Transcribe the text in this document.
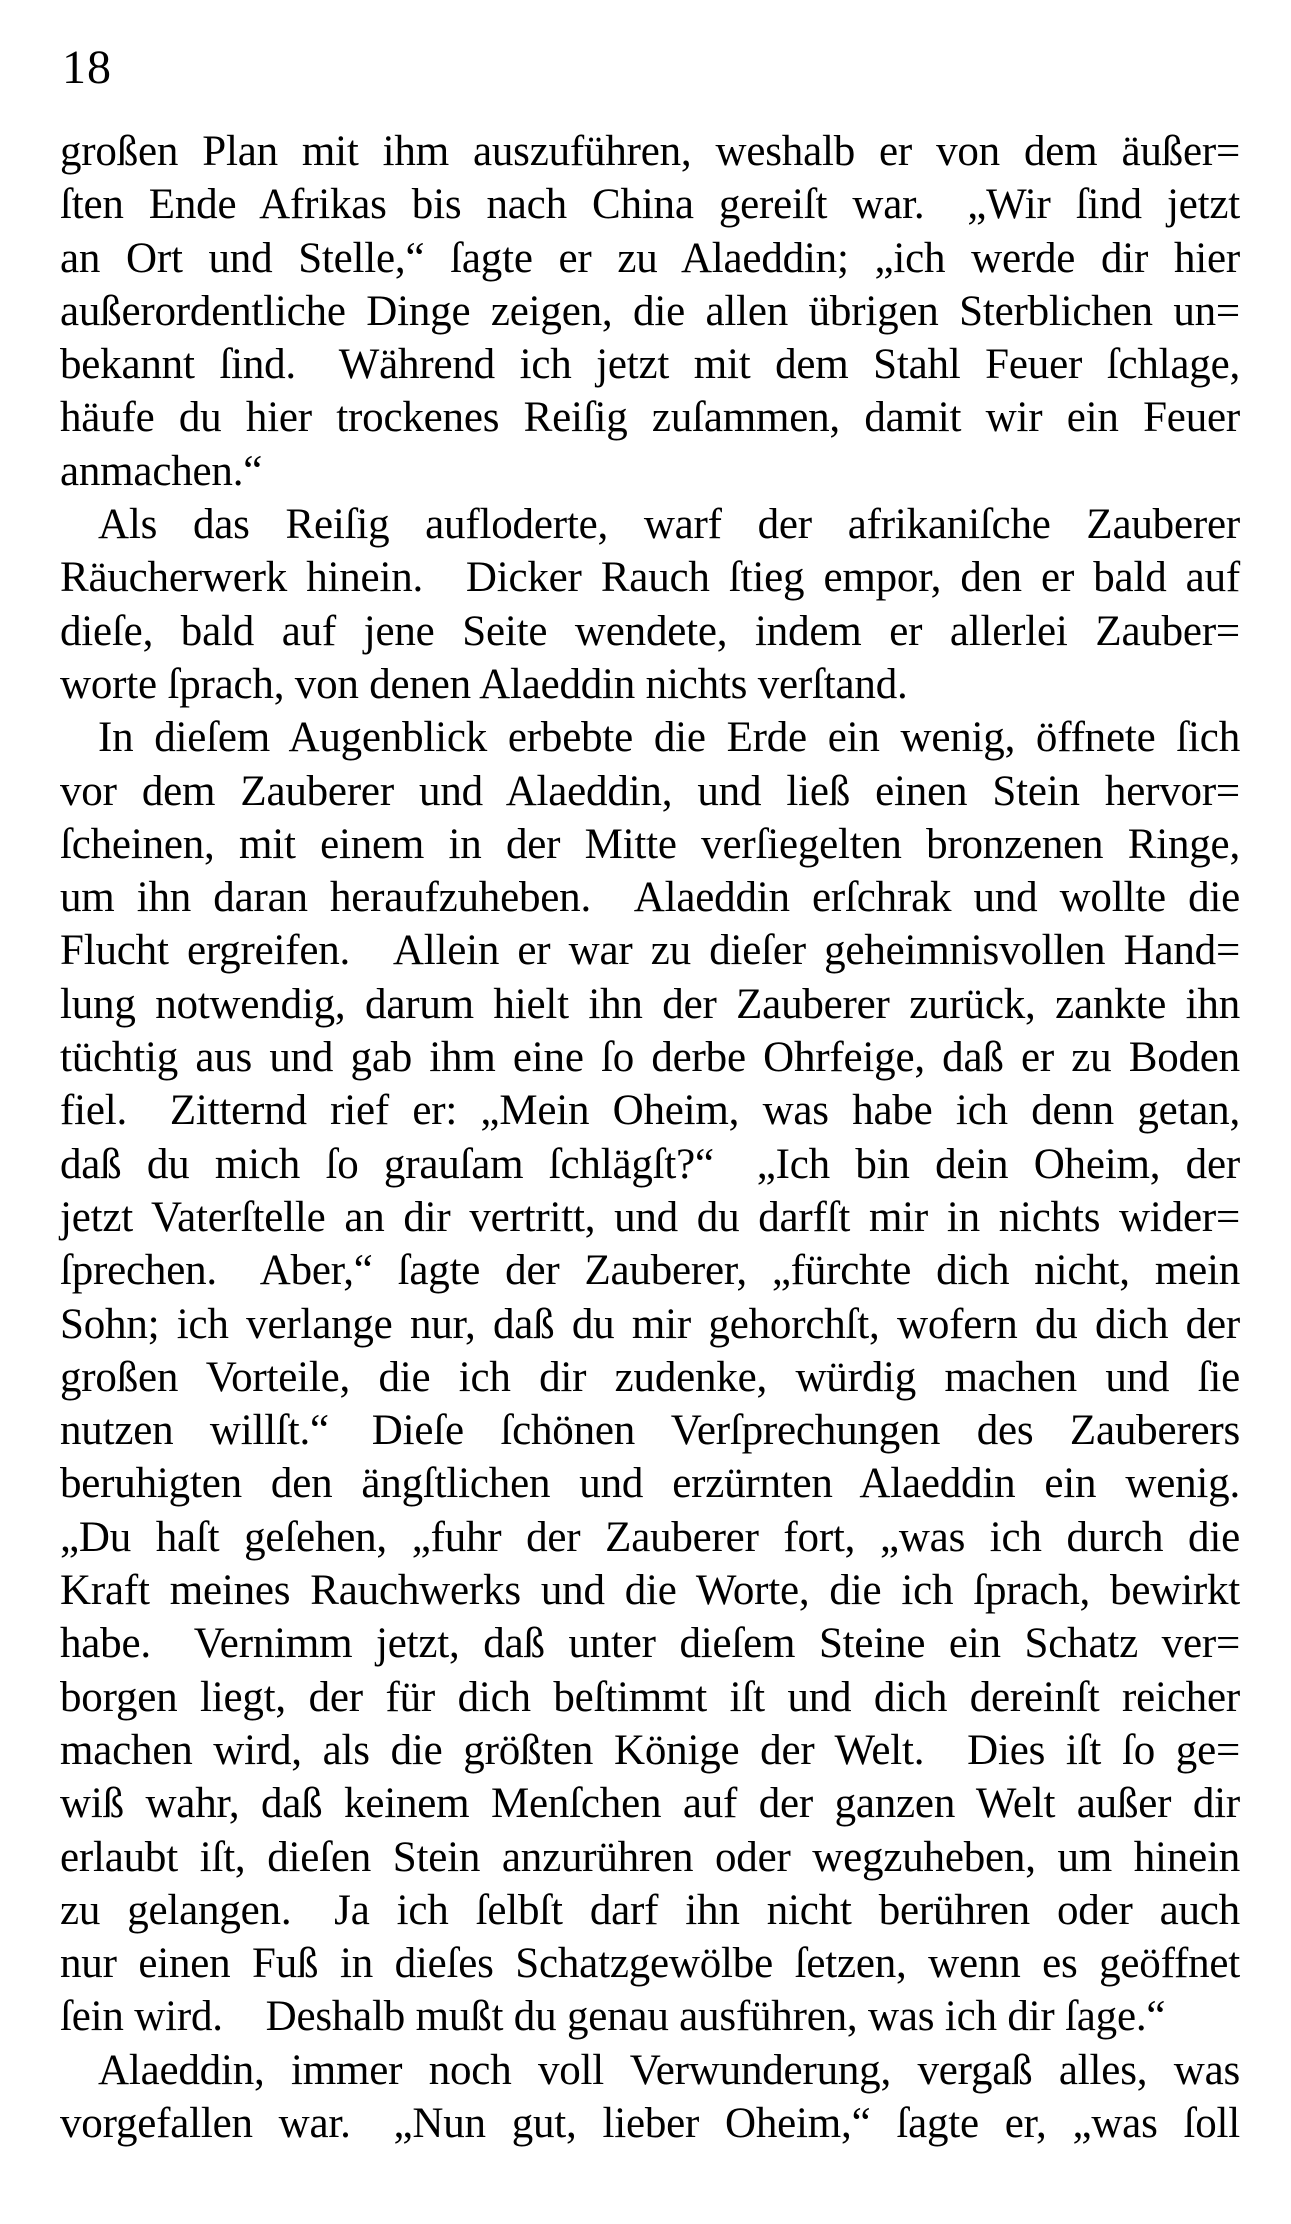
18
großen Plan mit ihm auszuführen, weshalb er von dem äußer=
ſten Ende Afrikas bis nach China gereiſt war. „Wir ſind jetzt
an Ort und Stelle,“ ſagte er zu Alaeddin; „ich werde dir hier
außerordentliche Dinge zeigen, die allen übrigen Sterblichen un=
bekannt ſind. Während ich jetzt mit dem Stahl Feuer ſchlage,
häufe du hier trockenes Reiſig zuſammen, damit wir ein Feuer
anmachen.“
Als das Reiſig aufloderte, warf der afrikaniſche Zauberer
Räucherwerk hinein. Dicker Rauch ſtieg empor, den er bald auf
dieſe, bald auf jene Seite wendete, indem er allerlei Zauber=
worte ſprach, von denen Alaeddin nichts verſtand.
In dieſem Augenblick erbebte die Erde ein wenig, öffnete ſich
vor dem Zauberer und Alaeddin, und ließ einen Stein hervor=
ſcheinen, mit einem in der Mitte verſiegelten bronzenen Ringe,
um ihn daran heraufzuheben. Alaeddin erſchrak und wollte die
Flucht ergreifen. Allein er war zu dieſer geheimnisvollen Hand=
lung notwendig, darum hielt ihn der Zauberer zurück, zankte ihn
tüchtig aus und gab ihm eine ſo derbe Ohrfeige, daß er zu Boden
fiel. Zitternd rief er: „Mein Oheim, was habe ich denn getan,
daß du mich ſo grauſam ſchlägſt?“ „Ich bin dein Oheim, der
jetzt Vaterſtelle an dir vertritt, und du darfſt mir in nichts wider=
ſprechen. Aber,“ ſagte der Zauberer, „fürchte dich nicht, mein
Sohn; ich verlange nur, daß du mir gehorchſt, wofern du dich der
großen Vorteile, die ich dir zudenke, würdig machen und ſie
nutzen willſt.“ Dieſe ſchönen Verſprechungen des Zauberers
beruhigten den ängſtlichen und erzürnten Alaeddin ein wenig.
„Du haſt geſehen, „fuhr der Zauberer fort, „was ich durch die
Kraft meines Rauchwerks und die Worte, die ich ſprach, bewirkt
habe. Vernimm jetzt, daß unter dieſem Steine ein Schatz ver=
borgen liegt, der für dich beſtimmt iſt und dich dereinſt reicher
machen wird, als die größten Könige der Welt. Dies iſt ſo ge=
wiß wahr, daß keinem Menſchen auf der ganzen Welt außer dir
erlaubt iſt, dieſen Stein anzurühren oder wegzuheben, um hinein
zu gelangen. Ja ich ſelbſt darf ihn nicht berühren oder auch
nur einen Fuß in dieſes Schatzgewölbe ſetzen, wenn es geöffnet
ſein wird. Deshalb mußt du genau ausführen, was ich dir ſage.“
Alaeddin, immer noch voll Verwunderung, vergaß alles, was
vorgefallen war. „Nun gut, lieber Oheim,“ ſagte er, „was ſoll
